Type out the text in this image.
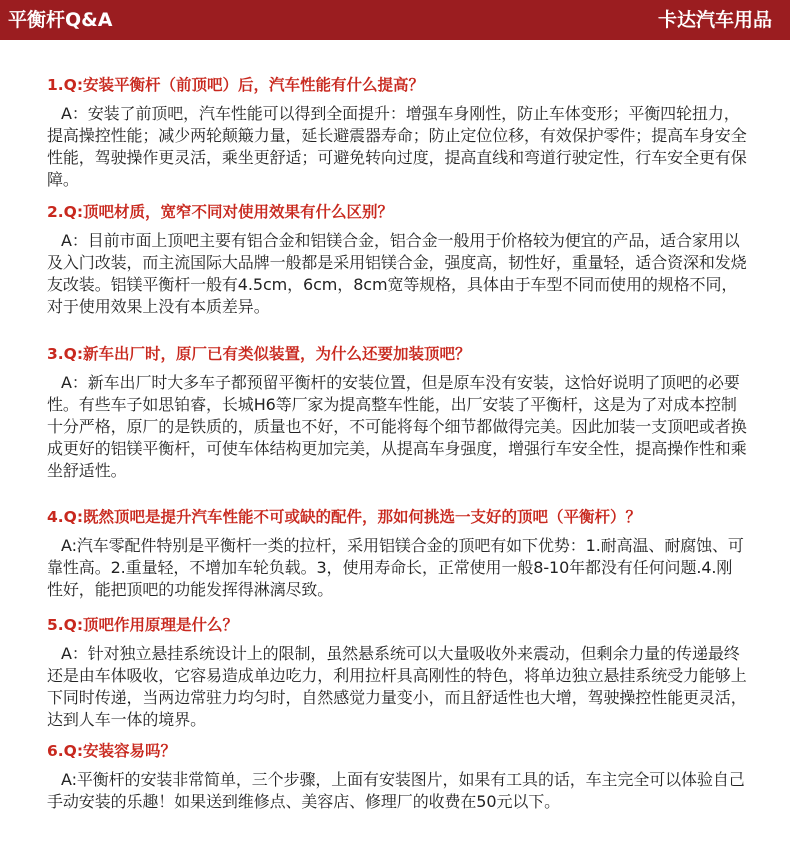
平衡杆Q&A	卡达汽车用品

1.Q:安装平衡杆（前顶吧）后，汽车性能有什么提高？

A：安装了前顶吧，汽车性能可以得到全面提升：增强车身刚性，防止车体变形；平衡四轮扭力，提高操控性能；减少两轮颠簸力量，延长避震器寿命；防止定位位移，有效保护零件；提高车身安全性能，驾驶操作更灵活，乘坐更舒适；可避免转向过度，提高直线和弯道行驶定性，行车安全更有保障。

2.Q:顶吧材质，宽窄不同对使用效果有什么区别？

A：目前市面上顶吧主要有铝合金和铝镁合金，铝合金一般用于价格较为便宜的产品，适合家用以及入门改装，而主流国际大品牌一般都是采用铝镁合金，强度高，韧性好，重量轻，适合资深和发烧友改装。铝镁平衡杆一般有4.5cm，6cm，8cm宽等规格，具体由于车型不同而使用的规格不同，对于使用效果上没有本质差异。

3.Q:新车出厂时，原厂已有类似装置，为什么还要加装顶吧？

A：新车出厂时大多车子都预留平衡杆的安装位置，但是原车没有安装，这恰好说明了顶吧的必要性。有些车子如思铂睿，长城H6等厂家为提高整车性能，出厂安装了平衡杆，这是为了对成本控制十分严格，原厂的是铁质的，质量也不好，不可能将每个细节都做得完美。因此加装一支顶吧或者换成更好的铝镁平衡杆，可使车体结构更加完美，从提高车身强度，增强行车安全性，提高操作性和乘坐舒适性。

4.Q:既然顶吧是提升汽车性能不可或缺的配件，那如何挑选一支好的顶吧（平衡杆）？

A:汽车零配件特别是平衡杆一类的拉杆，采用铝镁合金的顶吧有如下优势：1.耐高温、耐腐蚀、可靠性高。2.重量轻，不增加车轮负载。3，使用寿命长，正常使用一般8-10年都没有任何问题.4.刚性好，能把顶吧的功能发挥得淋漓尽致。

5.Q:顶吧作用原理是什么？

A：针对独立悬挂系统设计上的限制，虽然悬系统可以大量吸收外来震动，但剩余力量的传递最终还是由车体吸收，它容易造成单边吃力，利用拉杆具高刚性的特色，将单边独立悬挂系统受力能够上下同时传递，当两边常驻力均匀时，自然感觉力量变小，而且舒适性也大增，驾驶操控性能更灵活，达到人车一体的境界。

6.Q:安装容易吗？

A:平衡杆的安装非常简单，三个步骤，上面有安装图片，如果有工具的话，车主完全可以体验自己手动安装的乐趣！如果送到维修点、美容店、修理厂的收费在50元以下。
